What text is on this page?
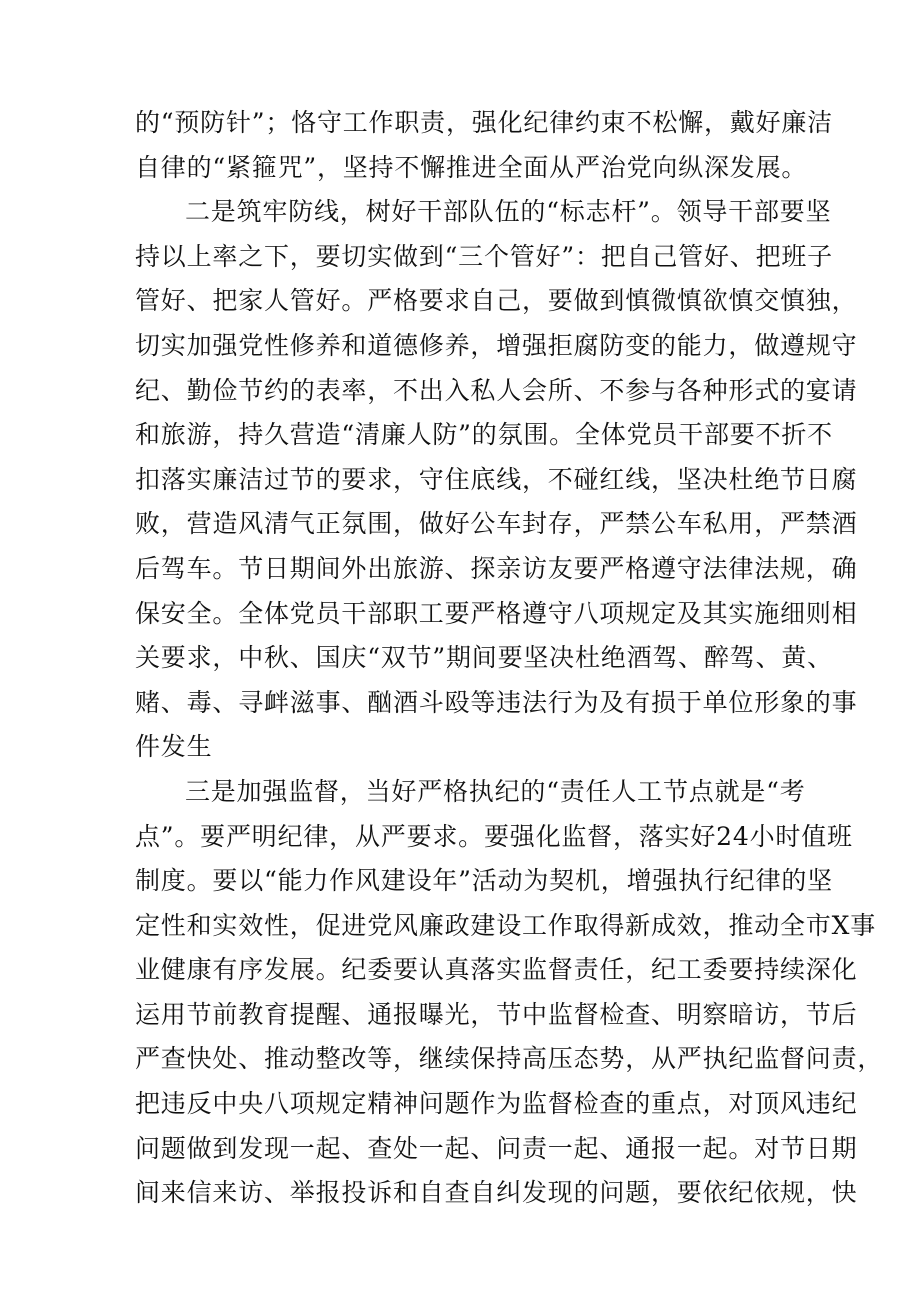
的“预防针”；恪守工作职责，强化纪律约束不松懈，戴好廉洁
自律的“紧箍咒”，坚持不懈推进全面从严治党向纵深发展。

二是筑牢防线，树好干部队伍的“标志杆”。领导干部要坚
持以上率之下，要切实做到“三个管好”：把自己管好、把班子
管好、把家人管好。严格要求自己，要做到慎微慎欲慎交慎独，
切实加强党性修养和道德修养，增强拒腐防变的能力，做遵规守
纪、勤俭节约的表率，不出入私人会所、不参与各种形式的宴请
和旅游，持久营造“清廉人防”的氛围。全体党员干部要不折不
扣落实廉洁过节的要求，守住底线，不碰红线，坚决杜绝节日腐
败，营造风清气正氛围，做好公车封存，严禁公车私用，严禁酒
后驾车。节日期间外出旅游、探亲访友要严格遵守法律法规，确
保安全。全体党员干部职工要严格遵守八项规定及其实施细则相
关要求，中秋、国庆“双节”期间要坚决杜绝酒驾、醉驾、黄、
赌、毒、寻衅滋事、酗酒斗殴等违法行为及有损于单位形象的事
件发生

三是加强监督，当好严格执纪的“责任人工节点就是“考
点”。要严明纪律，从严要求。要强化监督，落实好24小时值班
制度。要以“能力作风建设年”活动为契机，增强执行纪律的坚
定性和实效性，促进党风廉政建设工作取得新成效，推动全市X事
业健康有序发展。纪委要认真落实监督责任，纪工委要持续深化
运用节前教育提醒、通报曝光，节中监督检查、明察暗访，节后
严查快处、推动整改等，继续保持高压态势，从严执纪监督问责，
把违反中央八项规定精神问题作为监督检查的重点，对顶风违纪
问题做到发现一起、查处一起、问责一起、通报一起。对节日期
间来信来访、举报投诉和自查自纠发现的问题，要依纪依规，快
